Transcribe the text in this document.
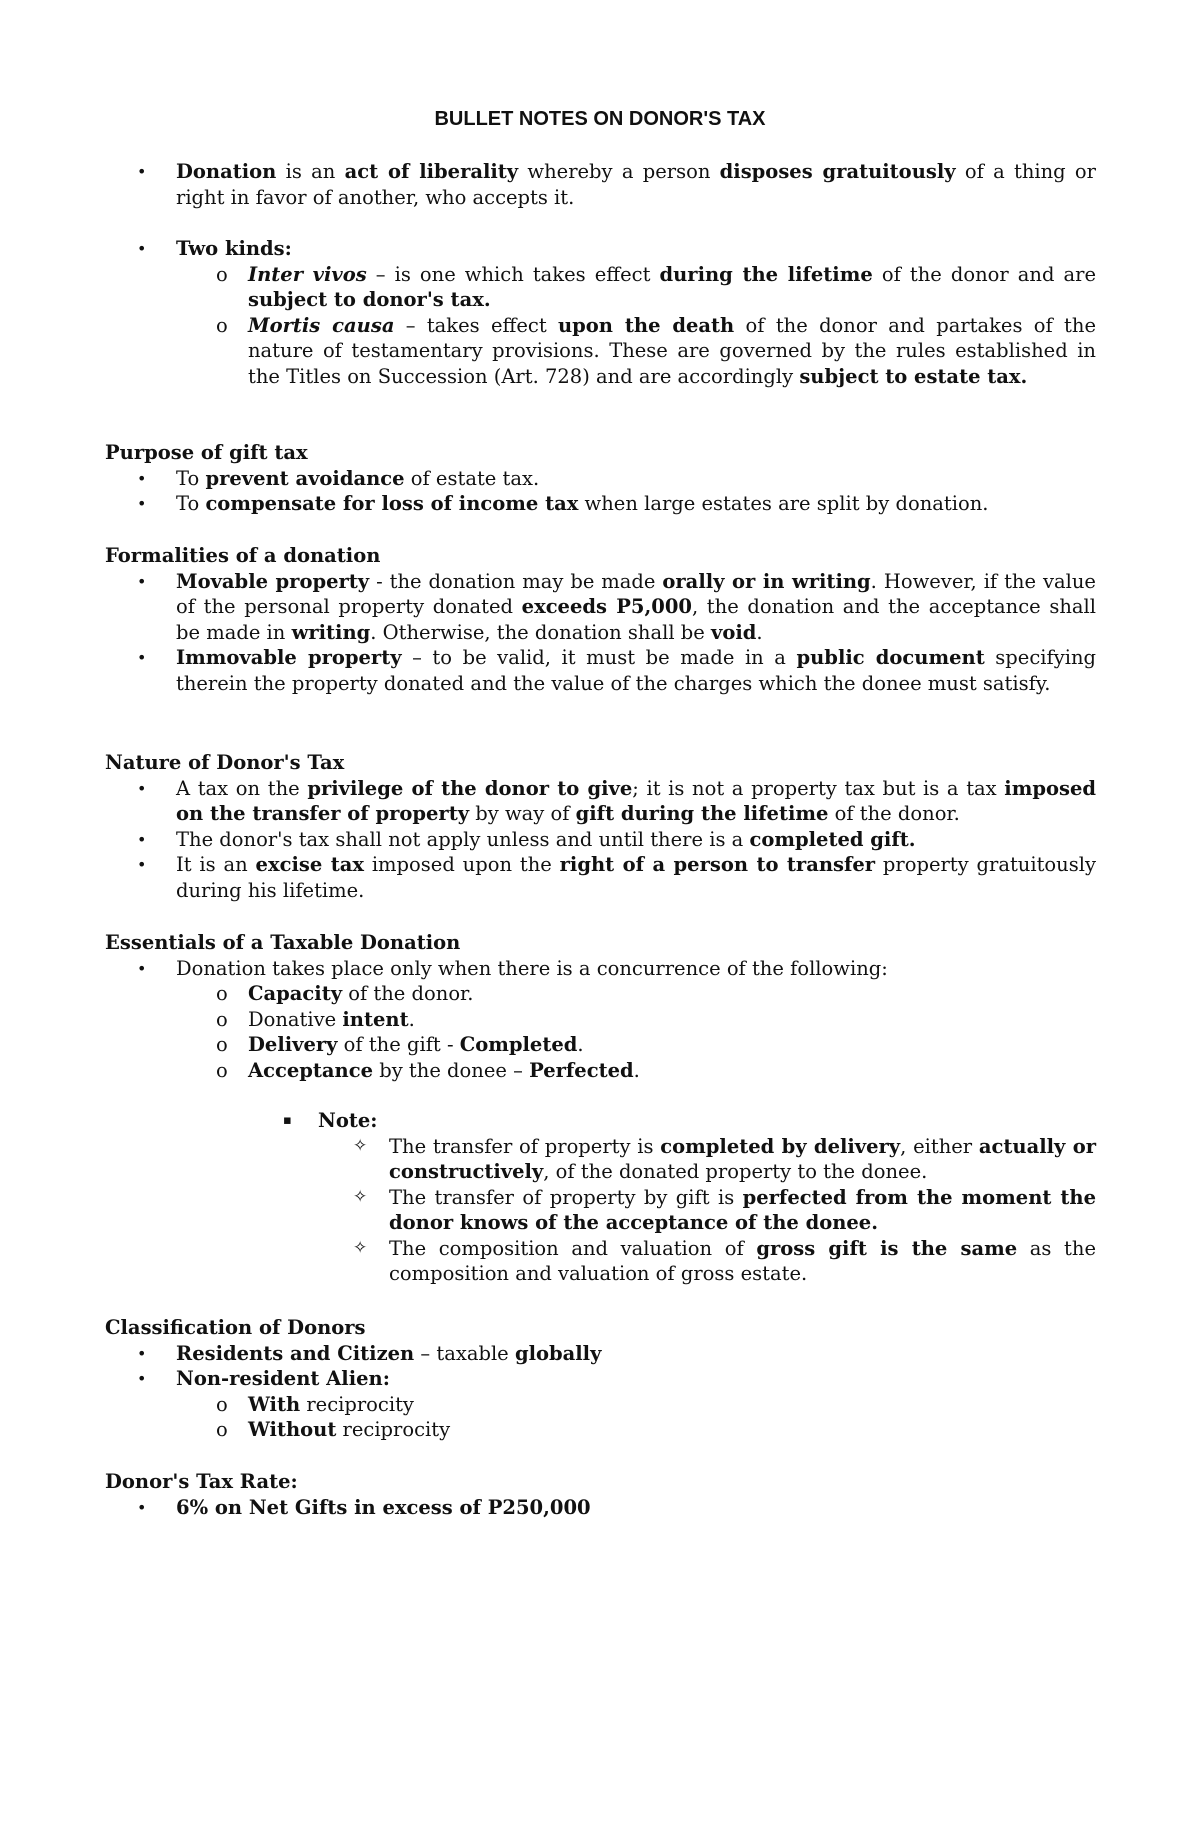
BULLET NOTES ON DONOR'S TAX
• Donation is an act of liberality whereby a person disposes gratuitously of a thing or right in favor of another, who accepts it.
• Two kinds:
o Inter vivos – is one which takes effect during the lifetime of the donor and are subject to donor's tax.
o Mortis causa – takes effect upon the death of the donor and partakes of the nature of testamentary provisions. These are governed by the rules established in the Titles on Succession (Art. 728) and are accordingly subject to estate tax.
Purpose of gift tax
• To prevent avoidance of estate tax.
• To compensate for loss of income tax when large estates are split by donation.
Formalities of a donation
• Movable property - the donation may be made orally or in writing. However, if the value of the personal property donated exceeds P5,000, the donation and the acceptance shall be made in writing. Otherwise, the donation shall be void.
• Immovable property – to be valid, it must be made in a public document specifying therein the property donated and the value of the charges which the donee must satisfy.
Nature of Donor's Tax
• A tax on the privilege of the donor to give; it is not a property tax but is a tax imposed on the transfer of property by way of gift during the lifetime of the donor.
• The donor's tax shall not apply unless and until there is a completed gift.
• It is an excise tax imposed upon the right of a person to transfer property gratuitously during his lifetime.
Essentials of a Taxable Donation
• Donation takes place only when there is a concurrence of the following:
o Capacity of the donor.
o Donative intent.
o Delivery of the gift - Completed.
o Acceptance by the donee – Perfected.
▪ Note:
✧ The transfer of property is completed by delivery, either actually or constructively, of the donated property to the donee.
✧ The transfer of property by gift is perfected from the moment the donor knows of the acceptance of the donee.
✧ The composition and valuation of gross gift is the same as the composition and valuation of gross estate.
Classification of Donors
• Residents and Citizen – taxable globally
• Non-resident Alien:
o With reciprocity
o Without reciprocity
Donor's Tax Rate:
• 6% on Net Gifts in excess of P250,000
